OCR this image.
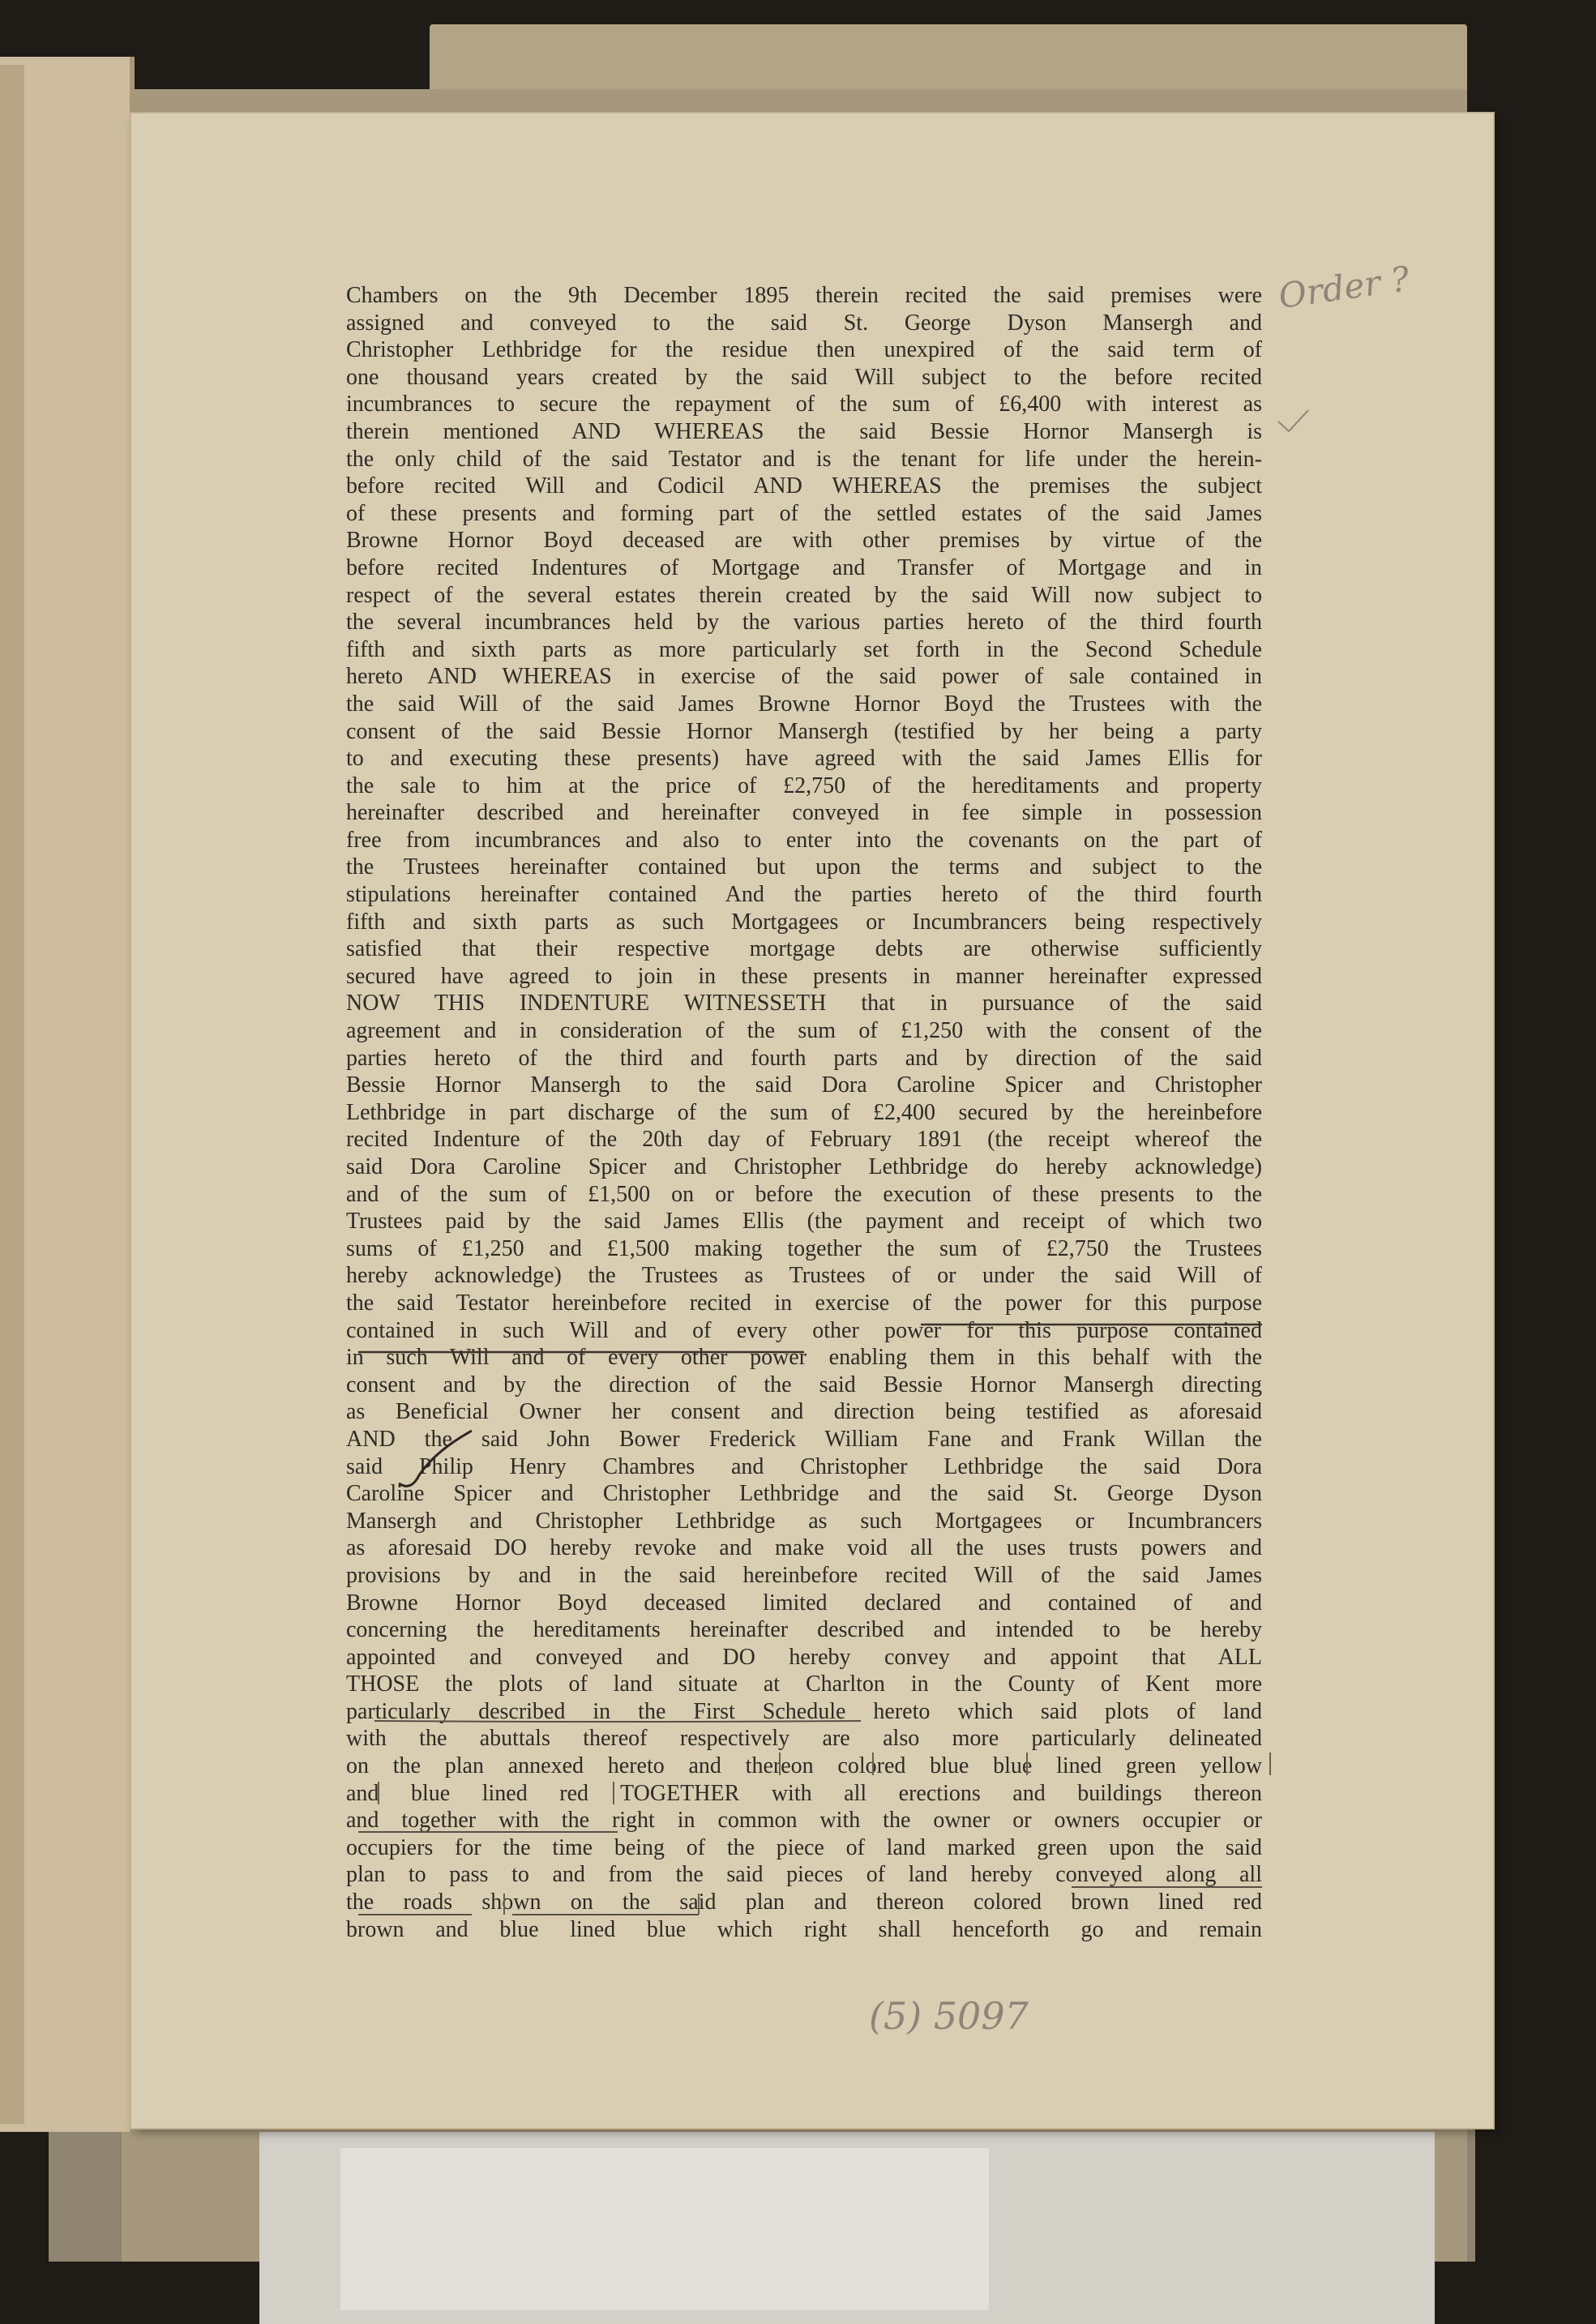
Chambers on the 9th December 1895 therein recited the said premises were
assigned and conveyed to the said St. George Dyson Mansergh and
Christopher Lethbridge for the residue then unexpired of the said term of
one thousand years created by the said Will subject to the before recited
incumbrances to secure the repayment of the sum of £6,400 with interest as
therein mentioned AND WHEREAS the said Bessie Hornor Mansergh is
the only child of the said Testator and is the tenant for life under the herein-
before recited Will and Codicil AND WHEREAS the premises the subject
of these presents and forming part of the settled estates of the said James
Browne Hornor Boyd deceased are with other premises by virtue of the
before recited Indentures of Mortgage and Transfer of Mortgage and in
respect of the several estates therein created by the said Will now subject to
the several incumbrances held by the various parties hereto of the third fourth
fifth and sixth parts as more particularly set forth in the Second Schedule
hereto AND WHEREAS in exercise of the said power of sale contained in
the said Will of the said James Browne Hornor Boyd the Trustees with the
consent of the said Bessie Hornor Mansergh (testified by her being a party
to and executing these presents) have agreed with the said James Ellis for
the sale to him at the price of £2,750 of the hereditaments and property
hereinafter described and hereinafter conveyed in fee simple in possession
free from incumbrances and also to enter into the covenants on the part of
the Trustees hereinafter contained but upon the terms and subject to the
stipulations hereinafter contained And the parties hereto of the third fourth
fifth and sixth parts as such Mortgagees or Incumbrancers being respectively
satisfied that their respective mortgage debts are otherwise sufficiently
secured have agreed to join in these presents in manner hereinafter expressed
NOW THIS INDENTURE WITNESSETH that in pursuance of the said
agreement and in consideration of the sum of £1,250 with the consent of the
parties hereto of the third and fourth parts and by direction of the said
Bessie Hornor Mansergh to the said Dora Caroline Spicer and Christopher
Lethbridge in part discharge of the sum of £2,400 secured by the hereinbefore
recited Indenture of the 20th day of February 1891 (the receipt whereof the
said Dora Caroline Spicer and Christopher Lethbridge do hereby acknowledge)
and of the sum of £1,500 on or before the execution of these presents to the
Trustees paid by the said James Ellis (the payment and receipt of which two
sums of £1,250 and £1,500 making together the sum of £2,750 the Trustees
hereby acknowledge) the Trustees as Trustees of or under the said Will of
the said Testator hereinbefore recited in exercise of the power for this purpose
contained in such Will and of every other power for this purpose contained
in such Will and of every other power enabling them in this behalf with the
consent and by the direction of the said Bessie Hornor Mansergh directing
as Beneficial Owner her consent and direction being testified as aforesaid
AND the said John Bower Frederick William Fane and Frank Willan the
said Philip Henry Chambres and Christopher Lethbridge the said Dora
Caroline Spicer and Christopher Lethbridge and the said St. George Dyson
Mansergh and Christopher Lethbridge as such Mortgagees or Incumbrancers
as aforesaid DO hereby revoke and make void all the uses trusts powers and
provisions by and in the said hereinbefore recited Will of the said James
Browne Hornor Boyd deceased limited declared and contained of and
concerning the hereditaments hereinafter described and intended to be hereby
appointed and conveyed and DO hereby convey and appoint that ALL
THOSE the plots of land situate at Charlton in the County of Kent more
particularly described in the First Schedule hereto which said plots of land
with the abuttals thereof respectively are also more particularly delineated
on the plan annexed hereto and thereon colored blue blue lined green yellow
and blue lined red TOGETHER with all erections and buildings thereon
and together with the right in common with the owner or owners occupier or
occupiers for the time being of the piece of land marked green upon the said
plan to pass to and from the said pieces of land hereby conveyed along all
the roads shown on the said plan and thereon colored brown lined red
brown and blue lined blue which right shall henceforth go and remain
Order ?
(5) 5097
